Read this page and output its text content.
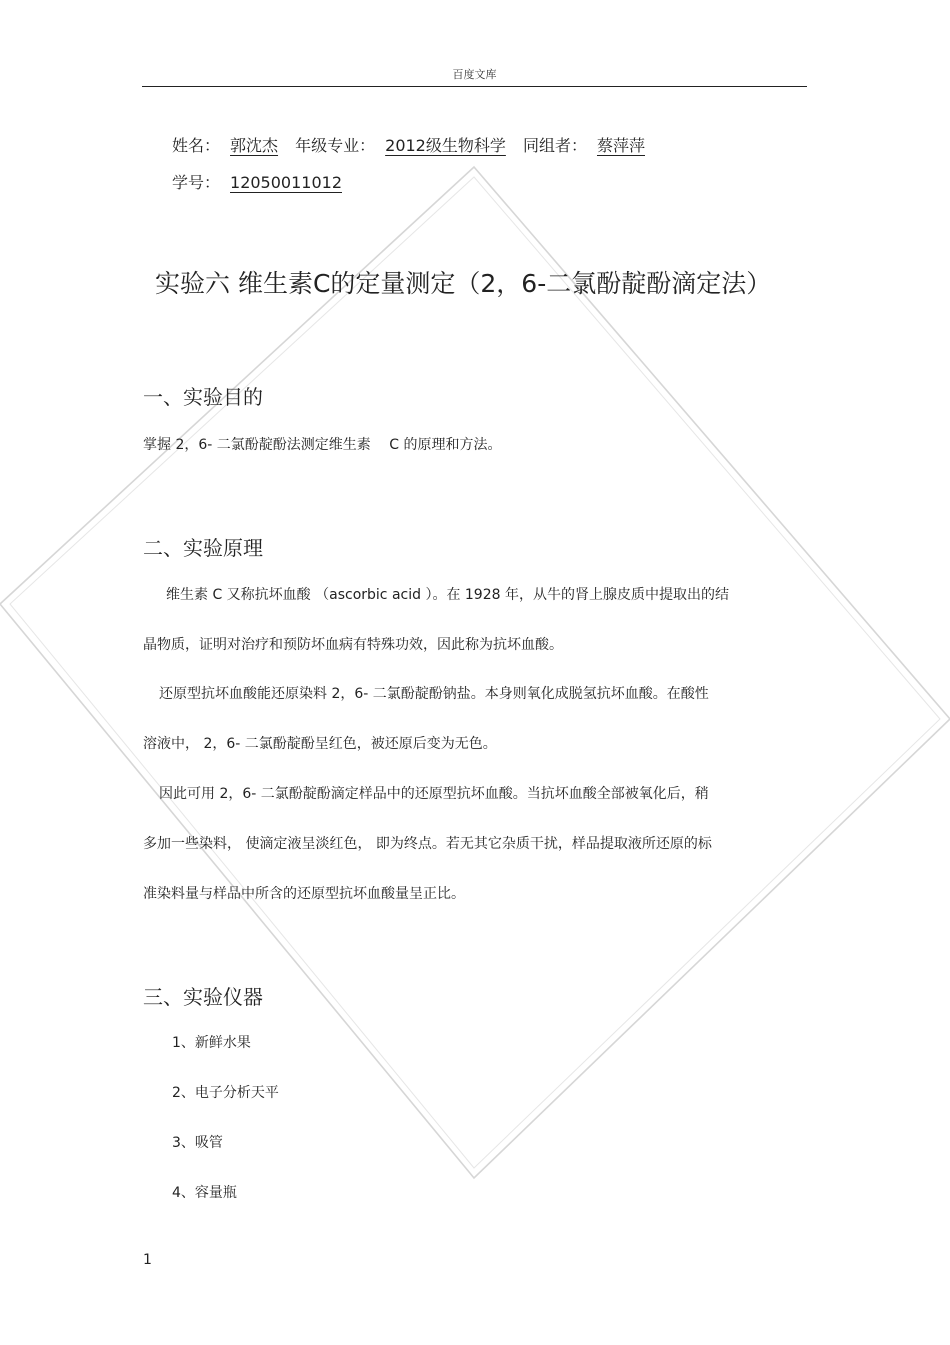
百度文库
姓名： 郭沈杰 年级专业： 2012级生物科学 同组者： 蔡萍萍
学号： 12050011012
实验六 维生素C的定量测定（2，6-二氯酚靛酚滴定法）
一、实验目的
掌握 2，6- 二氯酚靛酚法测定维生素　 C 的原理和方法。
二、实验原理
维生素 C 又称抗坏血酸 （ascorbic acid ）。在 1928 年，从牛的肾上腺皮质中提取出的结
晶物质，证明对治疗和预防坏血病有特殊功效，因此称为抗坏血酸。
还原型抗坏血酸能还原染料 2，6- 二氯酚靛酚钠盐。本身则氧化成脱氢抗坏血酸。在酸性
溶液中， 2，6- 二氯酚靛酚呈红色，被还原后变为无色。
因此可用 2，6- 二氯酚靛酚滴定样品中的还原型抗坏血酸。当抗坏血酸全部被氧化后，稍
多加一些染料， 使滴定液呈淡红色， 即为终点。若无其它杂质干扰，样品提取液所还原的标
准染料量与样品中所含的还原型抗坏血酸量呈正比。
三、实验仪器
1、新鲜水果
2、电子分析天平
3、吸管
4、容量瓶
1
